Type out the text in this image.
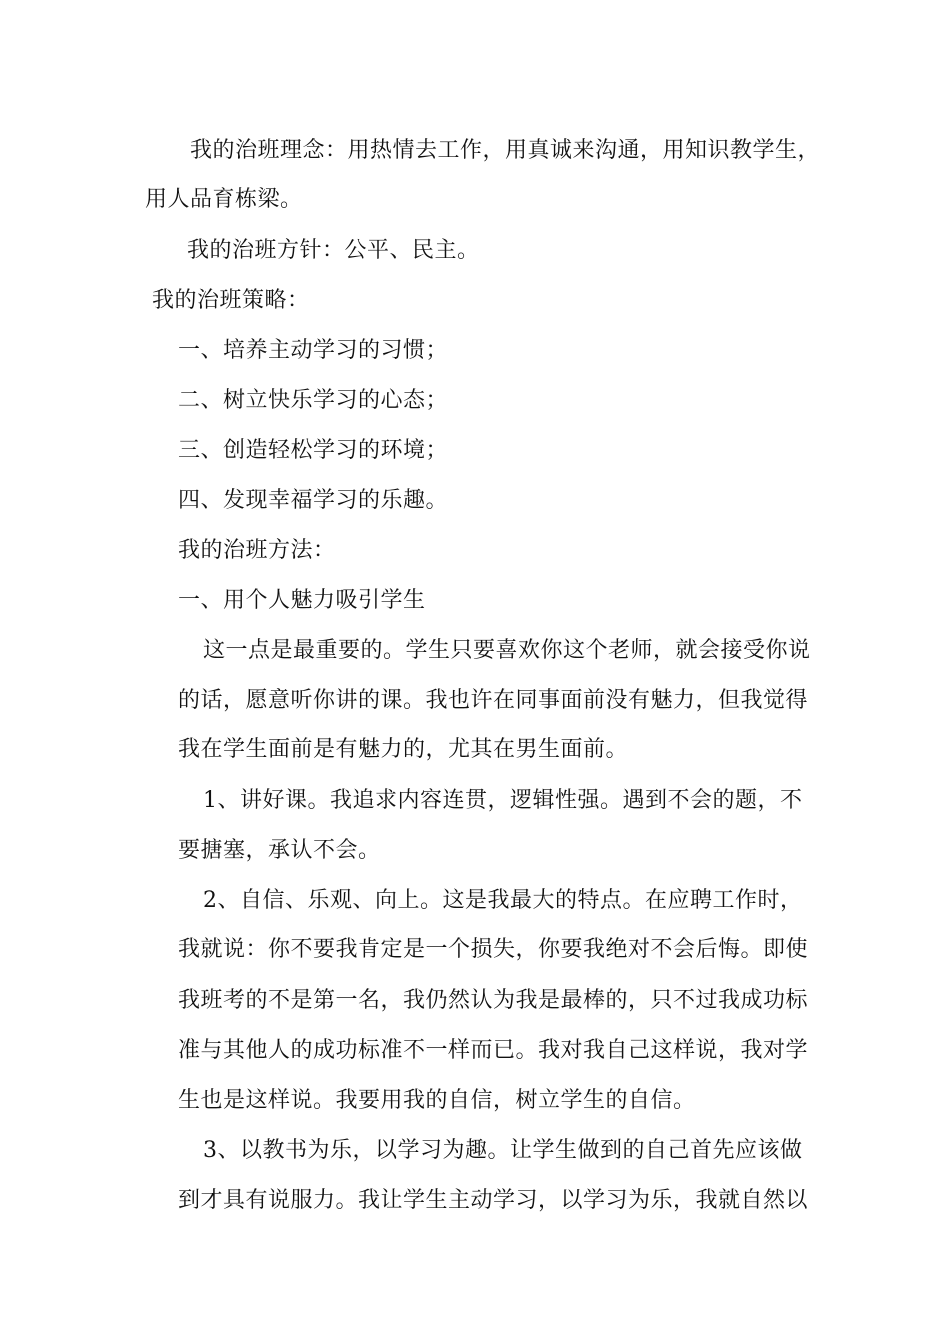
我的治班理念：用热情去工作，用真诚来沟通，用知识教学生，
用人品育栋梁。
我的治班方针：公平、民主。
我的治班策略：
一、培养主动学习的习惯；
二、树立快乐学习的心态；
三、创造轻松学习的环境；
四、发现幸福学习的乐趣。
我的治班方法：
一、用个人魅力吸引学生
这一点是最重要的。学生只要喜欢你这个老师，就会接受你说
的话，愿意听你讲的课。我也许在同事面前没有魅力，但我觉得
我在学生面前是有魅力的，尤其在男生面前。
1、讲好课。我追求内容连贯，逻辑性强。遇到不会的题，不
要搪塞，承认不会。
2、自信、乐观、向上。这是我最大的特点。在应聘工作时，
我就说：你不要我肯定是一个损失，你要我绝对不会后悔。即使
我班考的不是第一名，我仍然认为我是最棒的，只不过我成功标
准与其他人的成功标准不一样而已。我对我自己这样说，我对学
生也是这样说。我要用我的自信，树立学生的自信。
3、以教书为乐，以学习为趣。让学生做到的自己首先应该做
到才具有说服力。我让学生主动学习，以学习为乐，我就自然以
